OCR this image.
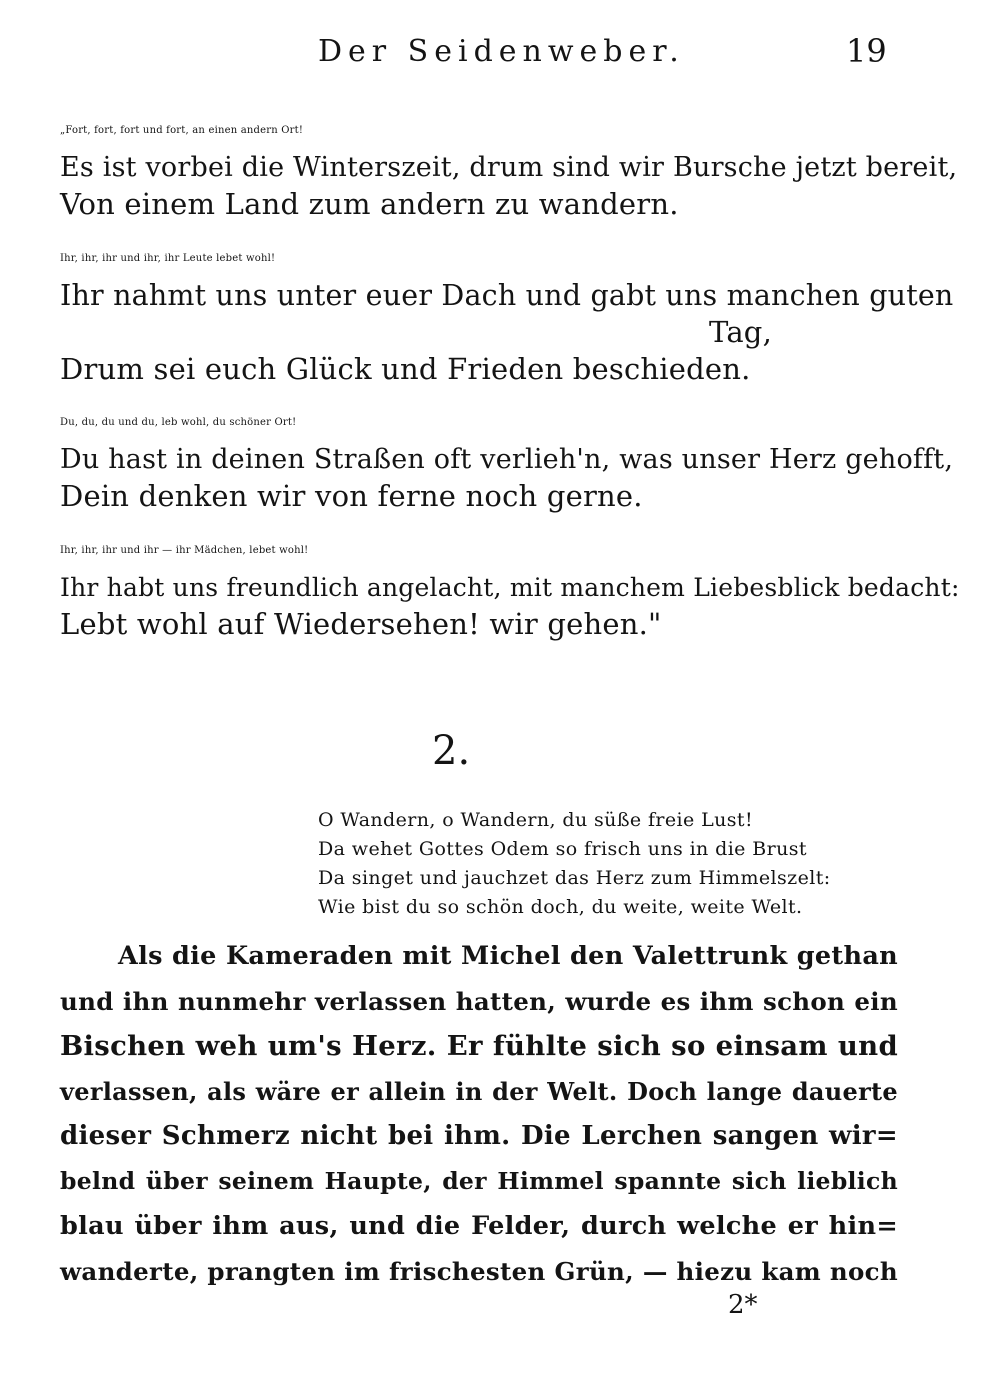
Der Seidenweber.	19
„Fort, fort, fort und fort, an einen andern Ort!
Es ist vorbei die Winterszeit, drum sind wir Bursche jetzt bereit,
Von einem Land zum andern zu wandern.
Ihr, ihr, ihr und ihr, ihr Leute lebet wohl!
Ihr nahmt uns unter euer Dach und gabt uns manchen guten
Tag,
Drum sei euch Glück und Frieden beschieden.
Du, du, du und du, leb wohl, du schöner Ort!
Du hast in deinen Straßen oft verlieh'n, was unser Herz gehofft,
Dein denken wir von ferne noch gerne.
Ihr, ihr, ihr und ihr — ihr Mädchen, lebet wohl!
Ihr habt uns freundlich angelacht, mit manchem Liebesblick bedacht:
Lebt wohl auf Wiedersehen! wir gehen."
2.
O Wandern, o Wandern, du süße freie Lust!
Da wehet Gottes Odem so frisch uns in die Brust
Da singet und jauchzet das Herz zum Himmelszelt:
Wie bist du so schön doch, du weite, weite Welt.
Als die Kameraden mit Michel den Valettrunk gethan
und ihn nunmehr verlassen hatten, wurde es ihm schon ein
Bischen weh um's Herz. Er fühlte sich so einsam und
verlassen, als wäre er allein in der Welt. Doch lange dauerte
dieser Schmerz nicht bei ihm. Die Lerchen sangen wir=
belnd über seinem Haupte, der Himmel spannte sich lieblich
blau über ihm aus, und die Felder, durch welche er hin=
wanderte, prangten im frischesten Grün, — hiezu kam noch
2*
